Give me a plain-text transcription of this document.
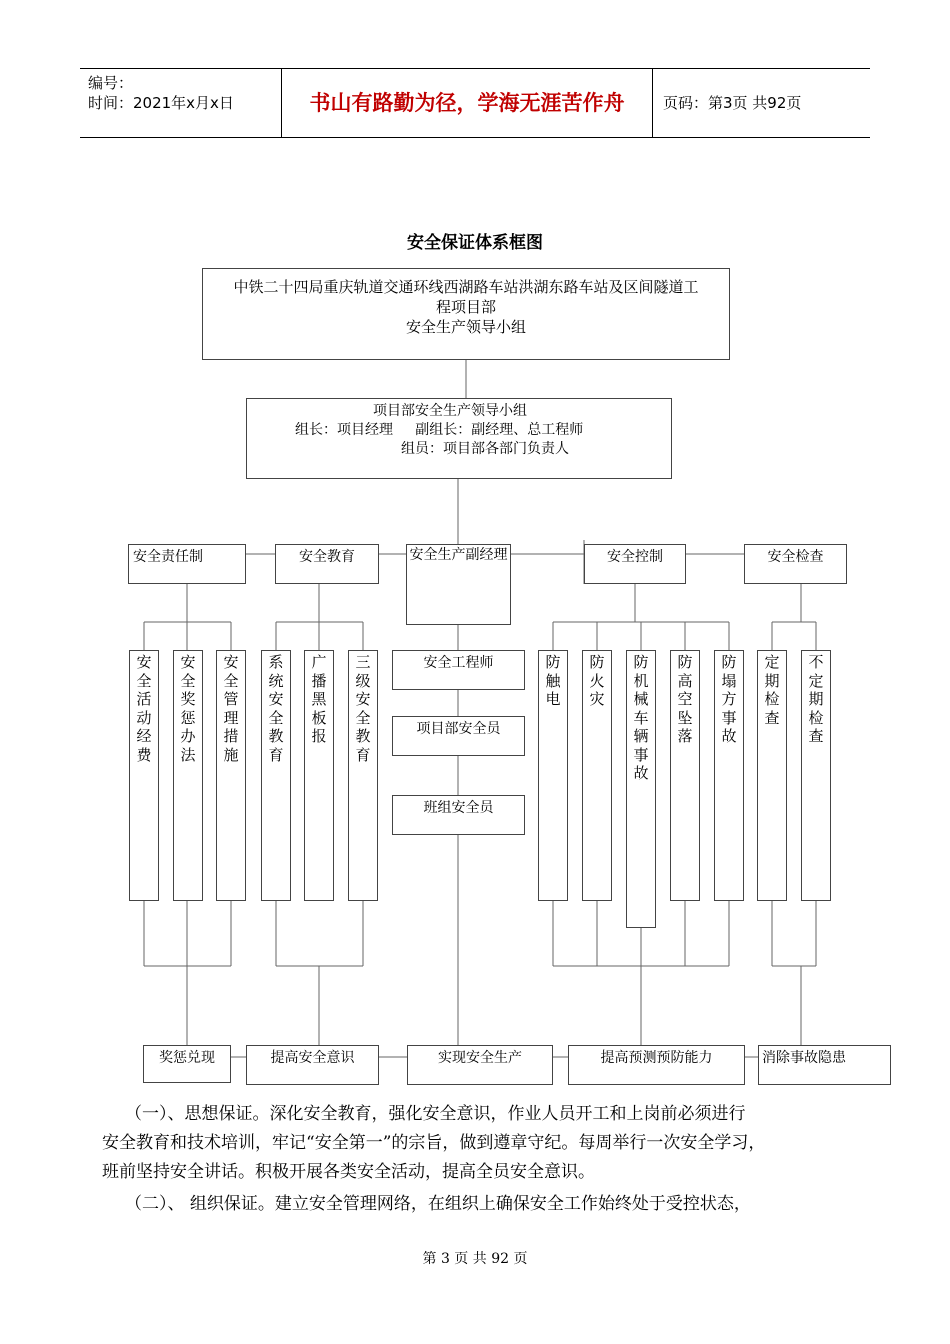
编号：
时间：2021年x月x日	书山有路勤为径，学海无涯苦作舟	页码：第3页 共92页
安全保证体系框图
中铁二十四局重庆轨道交通环线西湖路车站洪湖东路车站及区间隧道工
程项目部
安全生产领导小组
项目部安全生产领导小组
组长：项目经理     副组长：副经理、总工程师
组员：项目部各部门负责人
安全责任制	安全教育	安全生产副经理	安全控制	安全检查
安
全
活
动
经
费
安
全
奖
惩
办
法
安
全
管
理
措
施
系
统
安
全
教
育
广
播
黑
板
报
三
级
安
全
教
育
安全工程师
项目部安全员
班组安全员
防
触
电
防
火
灾
防
机
械
车
辆
事
故
防
高
空
坠
落
防
塌
方
事
故
定
期
检
查
不
定
期
检
查
奖惩兑现	提高安全意识	实现安全生产	提高预测预防能力	消除事故隐患
（一）、思想保证。深化安全教育，强化安全意识，作业人员开工和上岗前必须进行
安全教育和技术培训，牢记“安全第一”的宗旨，做到遵章守纪。每周举行一次安全学习，
班前坚持安全讲话。积极开展各类安全活动，提高全员安全意识。
（二）、 组织保证。建立安全管理网络，在组织上确保安全工作始终处于受控状态，
第 3 页 共 92 页
